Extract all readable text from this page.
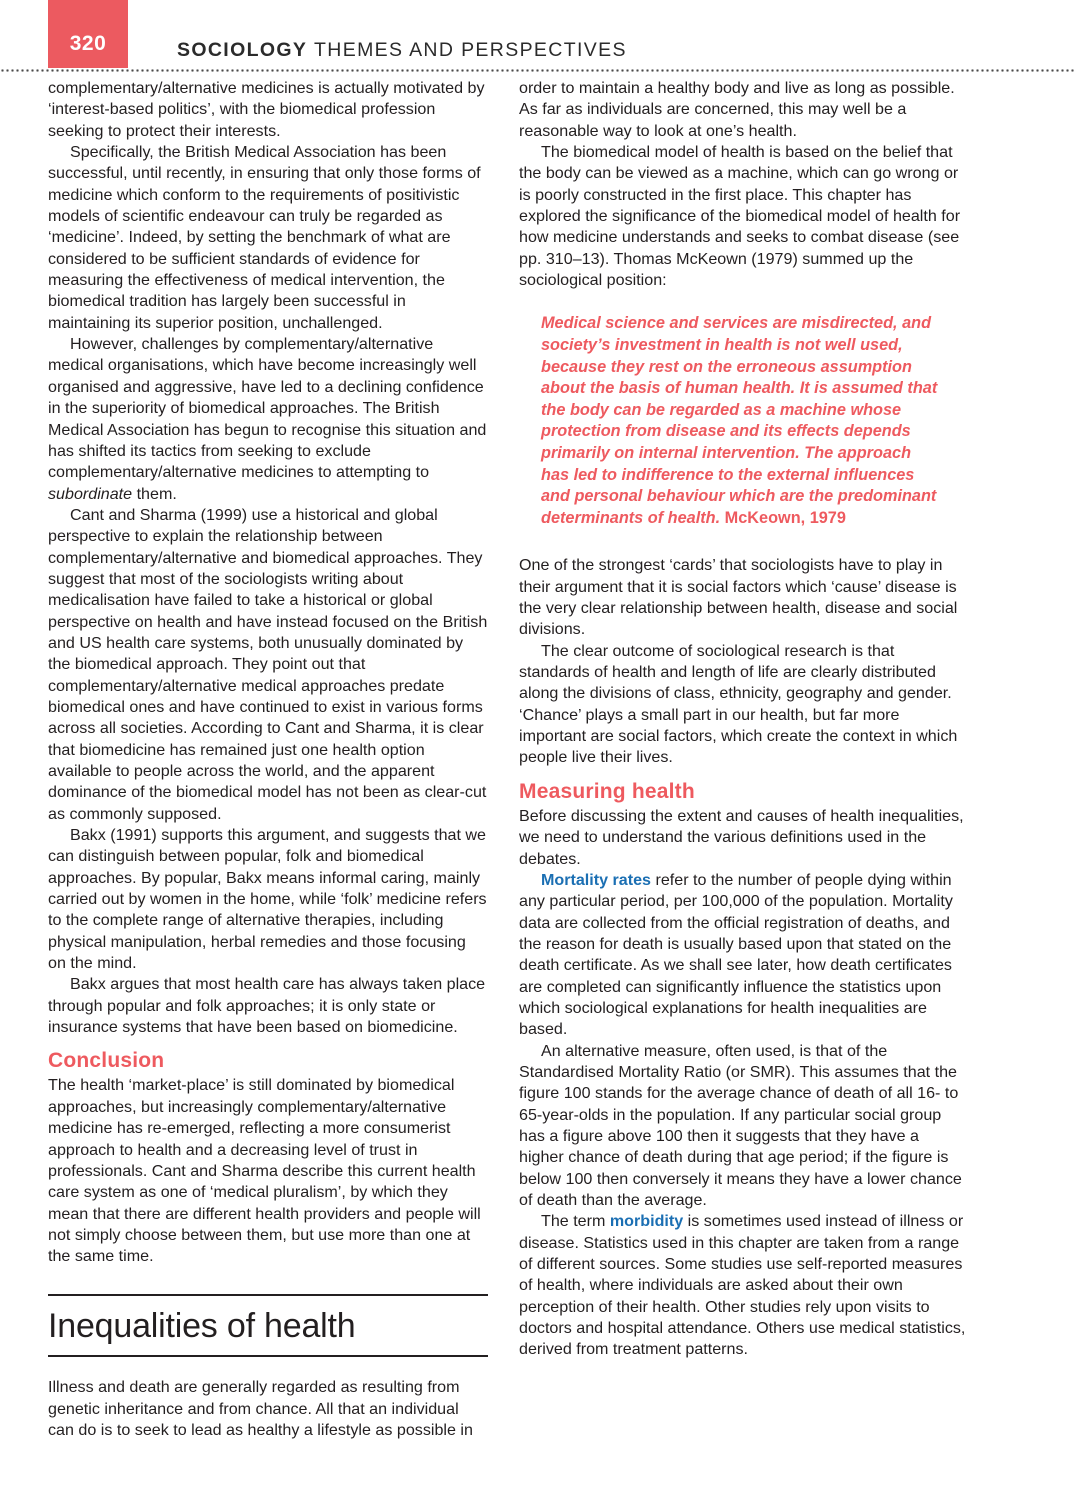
320	SOCIOLOGY THEMES AND PERSPECTIVES

complementary/alternative medicines is actually motivated by ‘interest-based politics’, with the biomedical profession seeking to protect their interests.

Specifically, the British Medical Association has been successful, until recently, in ensuring that only those forms of medicine which conform to the requirements of positivistic models of scientific endeavour can truly be regarded as ‘medicine’. Indeed, by setting the benchmark of what are considered to be sufficient standards of evidence for measuring the effectiveness of medical intervention, the biomedical tradition has largely been successful in maintaining its superior position, unchallenged.

However, challenges by complementary/alternative medical organisations, which have become increasingly well organised and aggressive, have led to a declining confidence in the superiority of biomedical approaches. The British Medical Association has begun to recognise this situation and has shifted its tactics from seeking to exclude complementary/alternative medicines to attempting to subordinate them.

Cant and Sharma (1999) use a historical and global perspective to explain the relationship between complementary/alternative and biomedical approaches. They suggest that most of the sociologists writing about medicalisation have failed to take a historical or global perspective on health and have instead focused on the British and US health care systems, both unusually dominated by the biomedical approach. They point out that complementary/alternative medical approaches predate biomedical ones and have continued to exist in various forms across all societies. According to Cant and Sharma, it is clear that biomedicine has remained just one health option available to people across the world, and the apparent dominance of the biomedical model has not been as clear-cut as commonly supposed.

Bakx (1991) supports this argument, and suggests that we can distinguish between popular, folk and biomedical approaches. By popular, Bakx means informal caring, mainly carried out by women in the home, while ‘folk’ medicine refers to the complete range of alternative therapies, including physical manipulation, herbal remedies and those focusing on the mind.

Bakx argues that most health care has always taken place through popular and folk approaches; it is only state or insurance systems that have been based on biomedicine.

Conclusion

The health ‘market-place’ is still dominated by biomedical approaches, but increasingly complementary/alternative medicine has re-emerged, reflecting a more consumerist approach to health and a decreasing level of trust in professionals. Cant and Sharma describe this current health care system as one of ‘medical pluralism’, by which they mean that there are different health providers and people will not simply choose between them, but use more than one at the same time.

Inequalities of health

Illness and death are generally regarded as resulting from genetic inheritance and from chance. All that an individual can do is to seek to lead as healthy a lifestyle as possible in

order to maintain a healthy body and live as long as possible. As far as individuals are concerned, this may well be a reasonable way to look at one’s health.

The biomedical model of health is based on the belief that the body can be viewed as a machine, which can go wrong or is poorly constructed in the first place. This chapter has explored the significance of the biomedical model of health for how medicine understands and seeks to combat disease (see pp. 310–13). Thomas McKeown (1979) summed up the sociological position:

Medical science and services are misdirected, and society’s investment in health is not well used, because they rest on the erroneous assumption about the basis of human health. It is assumed that the body can be regarded as a machine whose protection from disease and its effects depends primarily on internal intervention. The approach has led to indifference to the external influences and personal behaviour which are the predominant determinants of health. McKeown, 1979

One of the strongest ‘cards’ that sociologists have to play in their argument that it is social factors which ‘cause’ disease is the very clear relationship between health, disease and social divisions.

The clear outcome of sociological research is that standards of health and length of life are clearly distributed along the divisions of class, ethnicity, geography and gender. ‘Chance’ plays a small part in our health, but far more important are social factors, which create the context in which people live their lives.

Measuring health

Before discussing the extent and causes of health inequalities, we need to understand the various definitions used in the debates.

Mortality rates refer to the number of people dying within any particular period, per 100,000 of the population. Mortality data are collected from the official registration of deaths, and the reason for death is usually based upon that stated on the death certificate. As we shall see later, how death certificates are completed can significantly influence the statistics upon which sociological explanations for health inequalities are based.

An alternative measure, often used, is that of the Standardised Mortality Ratio (or SMR). This assumes that the figure 100 stands for the average chance of death of all 16- to 65-year-olds in the population. If any particular social group has a figure above 100 then it suggests that they have a higher chance of death during that age period; if the figure is below 100 then conversely it means they have a lower chance of death than the average.

The term morbidity is sometimes used instead of illness or disease. Statistics used in this chapter are taken from a range of different sources. Some studies use self-reported measures of health, where individuals are asked about their own perception of their health. Other studies rely upon visits to doctors and hospital attendance. Others use medical statistics, derived from treatment patterns.
